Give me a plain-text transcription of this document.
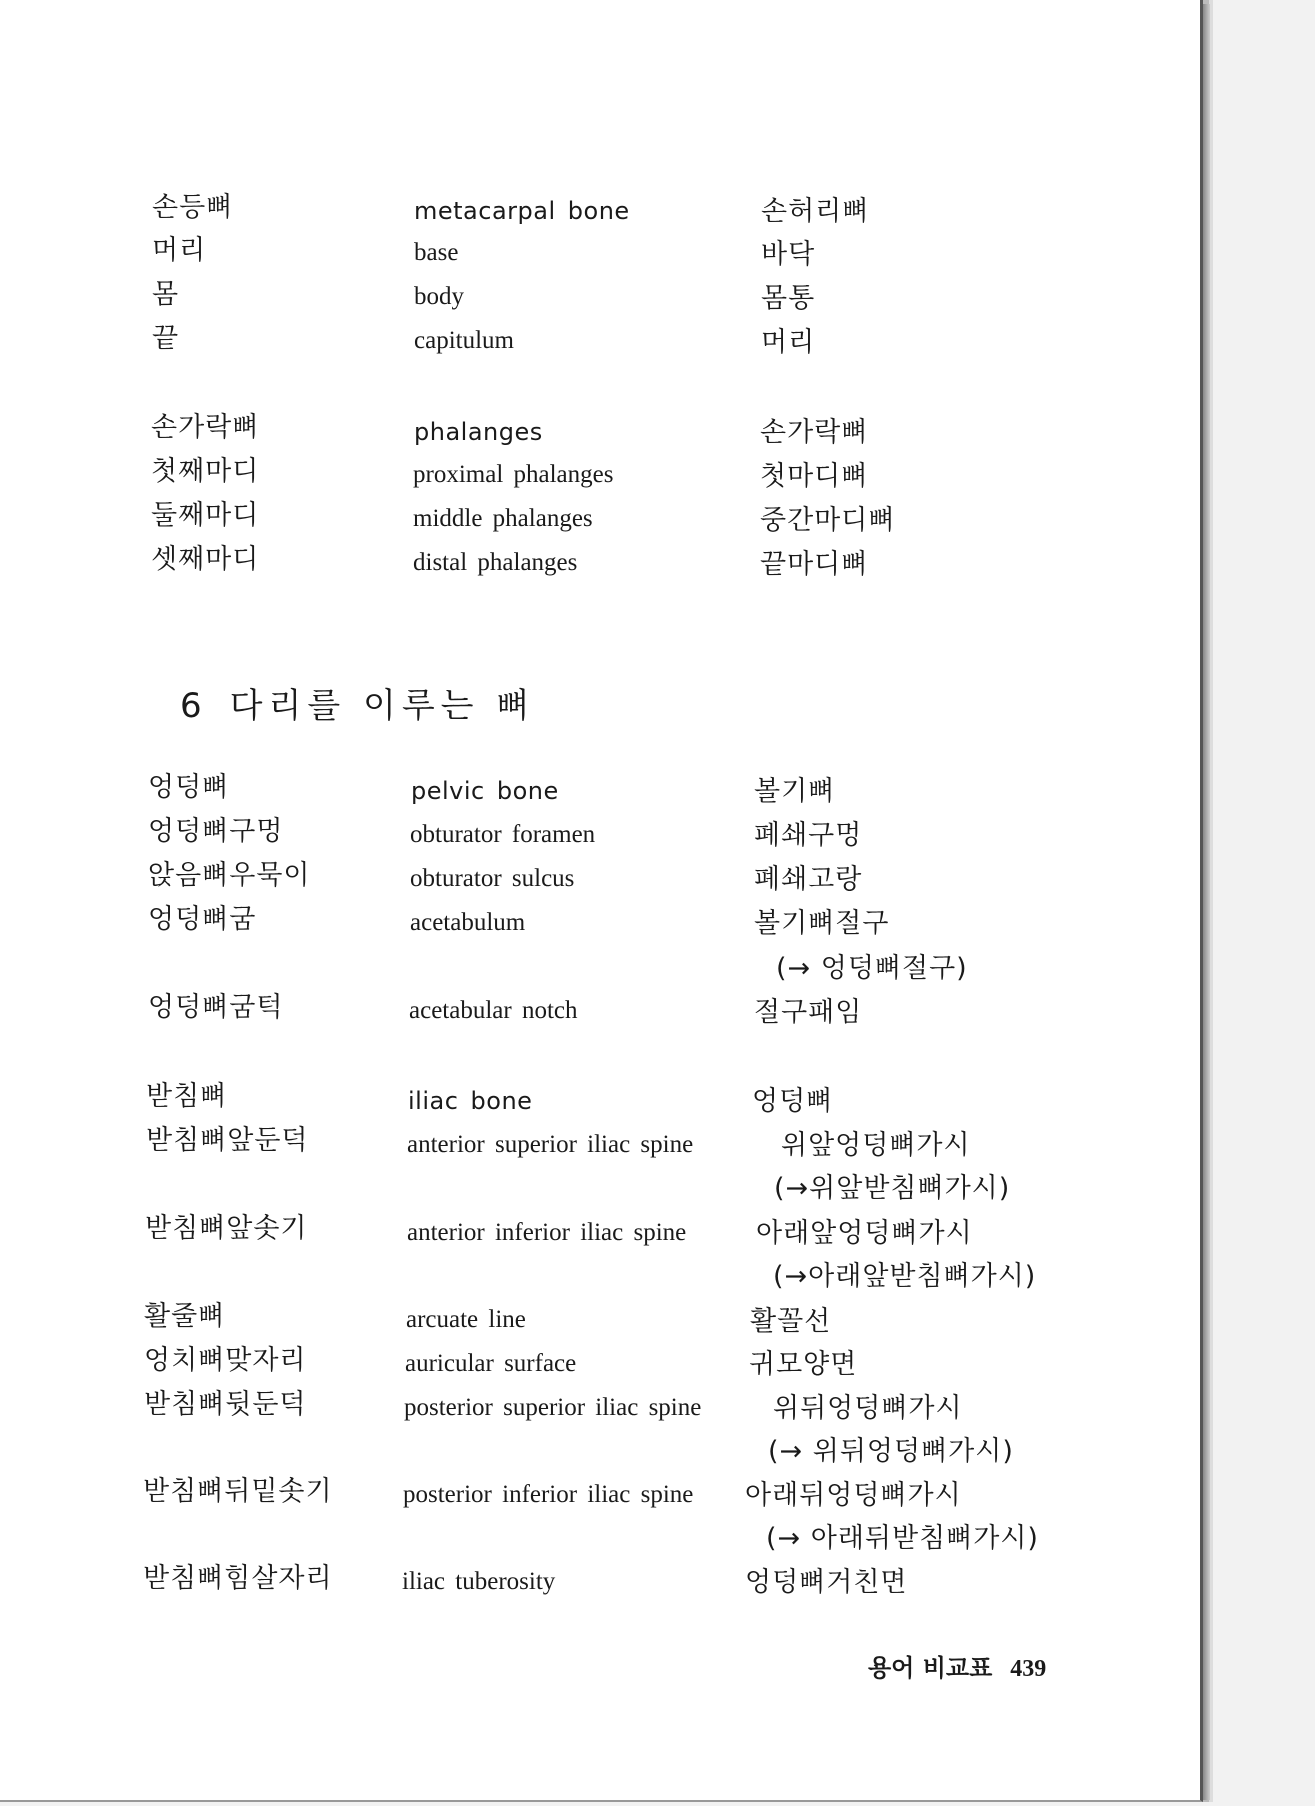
손등뼈	metacarpal bone	손허리뼈
머리	base	바닥
몸	body	몸통
끝	capitulum	머리
손가락뼈	phalanges	손가락뼈
첫째마디	proximal phalanges	첫마디뼈
둘째마디	middle phalanges	중간마디뼈
셋째마디	distal phalanges	끝마디뼈
6 다리를 이루는 뼈
엉덩뼈	pelvic bone	볼기뼈
엉덩뼈구멍	obturator foramen	폐쇄구멍
앉음뼈우묵이	obturator sulcus	폐쇄고랑
엉덩뼈굼	acetabulum	볼기뼈절구
(→ 엉덩뼈절구)
엉덩뼈굼턱	acetabular notch	절구패임
받침뼈	iliac bone	엉덩뼈
받침뼈앞둔덕	anterior superior iliac spine	위앞엉덩뼈가시
(→위앞받침뼈가시)
받침뼈앞솟기	anterior inferior iliac spine	아래앞엉덩뼈가시
(→아래앞받침뼈가시)
활줄뼈	arcuate line	활꼴선
엉치뼈맞자리	auricular surface	귀모양면
받침뼈뒷둔덕	posterior superior iliac spine	위뒤엉덩뼈가시
(→ 위뒤엉덩뼈가시)
받침뼈뒤밑솟기	posterior inferior iliac spine 아래뒤엉덩뼈가시
(→ 아래뒤받침뼈가시)
받침뼈힘살자리	iliac tuberosity	엉덩뼈거친면
용어 비교표 439
